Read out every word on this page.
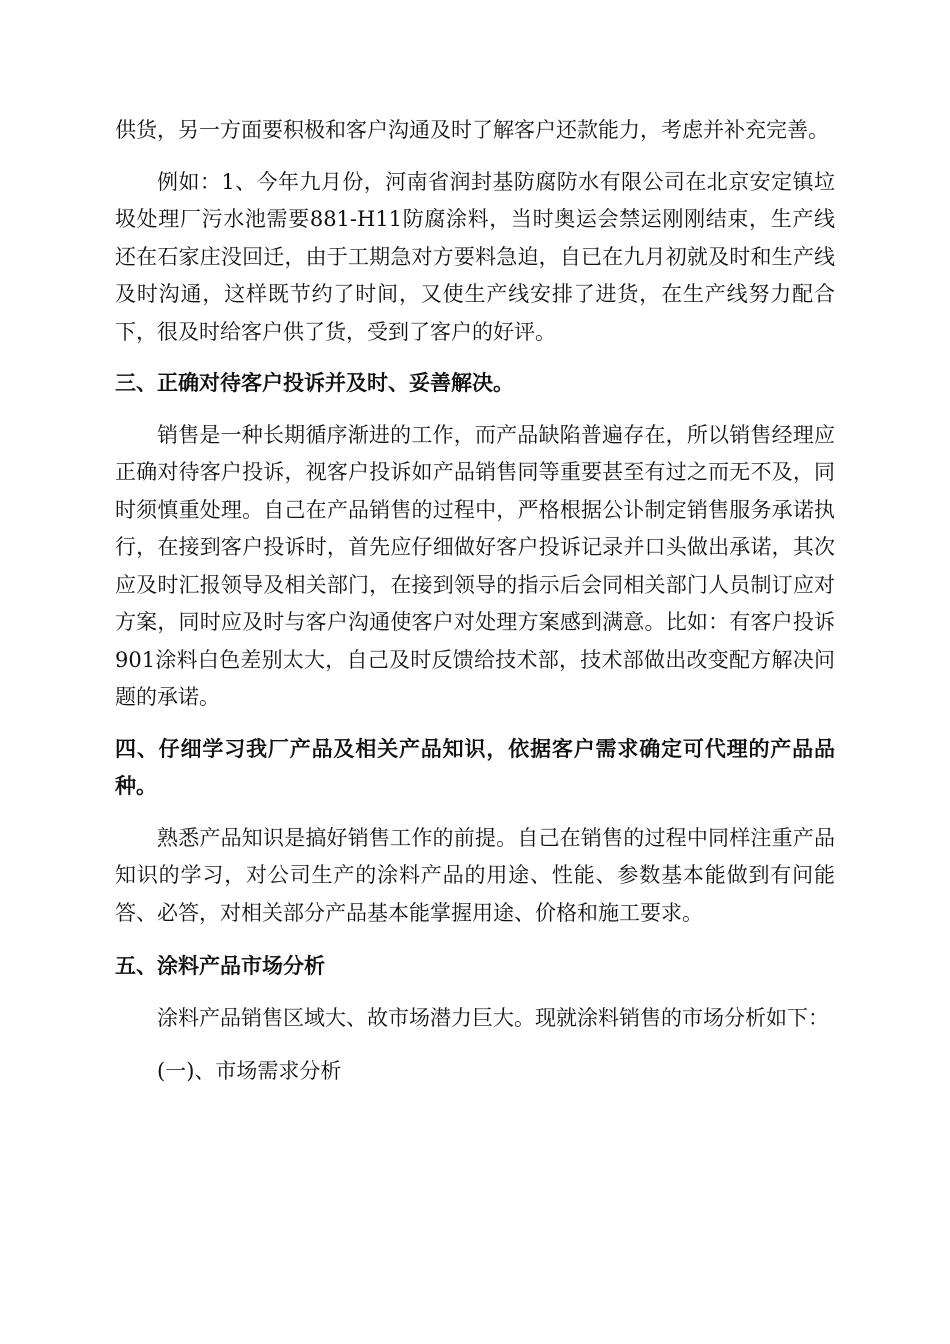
供货，另一方面要积极和客户沟通及时了解客户还款能力，考虑并补充完善。

例如：1、今年九月份，河南省润封基防腐防水有限公司在北京安定镇垃圾处理厂污水池需要881-H11防腐涂料，当时奥运会禁运刚刚结束，生产线还在石家庄没回迁，由于工期急对方要料急迫，自已在九月初就及时和生产线及时沟通，这样既节约了时间，又使生产线安排了进货，在生产线努力配合下，很及时给客户供了货，受到了客户的好评。

三、正确对待客户投诉并及时、妥善解决。

销售是一种长期循序渐进的工作，而产品缺陷普遍存在，所以销售经理应正确对待客户投诉，视客户投诉如产品销售同等重要甚至有过之而无不及，同时须慎重处理。自己在产品销售的过程中，严格根据公讣制定销售服务承诺执行，在接到客户投诉时，首先应仔细做好客户投诉记录并口头做出承诺，其次应及时汇报领导及相关部门，在接到领导的指示后会同相关部门人员制订应对方案，同时应及时与客户沟通使客户对处理方案感到满意。比如：有客户投诉901涂料白色差别太大，自己及时反馈给技术部，技术部做出改变配方解决问题的承诺。

四、仔细学习我厂产品及相关产品知识，依据客户需求确定可代理的产品品种。

熟悉产品知识是搞好销售工作的前提。自己在销售的过程中同样注重产品知识的学习，对公司生产的涂料产品的用途、性能、参数基本能做到有问能答、必答，对相关部分产品基本能掌握用途、价格和施工要求。

五、涂料产品市场分析

涂料产品销售区域大、故市场潜力巨大。现就涂料销售的市场分析如下：

(一)、市场需求分析
